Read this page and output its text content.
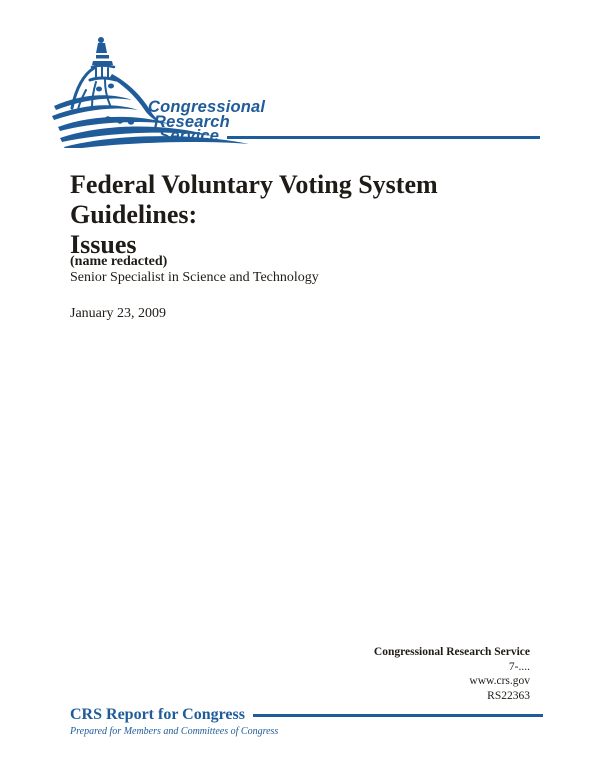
Congressional
Research
Service
Federal Voluntary Voting System Guidelines:
Issues
(name redacted)
Senior Specialist in Science and Technology
January 23, 2009
Congressional Research Service
7-....
www.crs.gov
RS22363
CRS Report for Congress
Prepared for Members and Committees of Congress
